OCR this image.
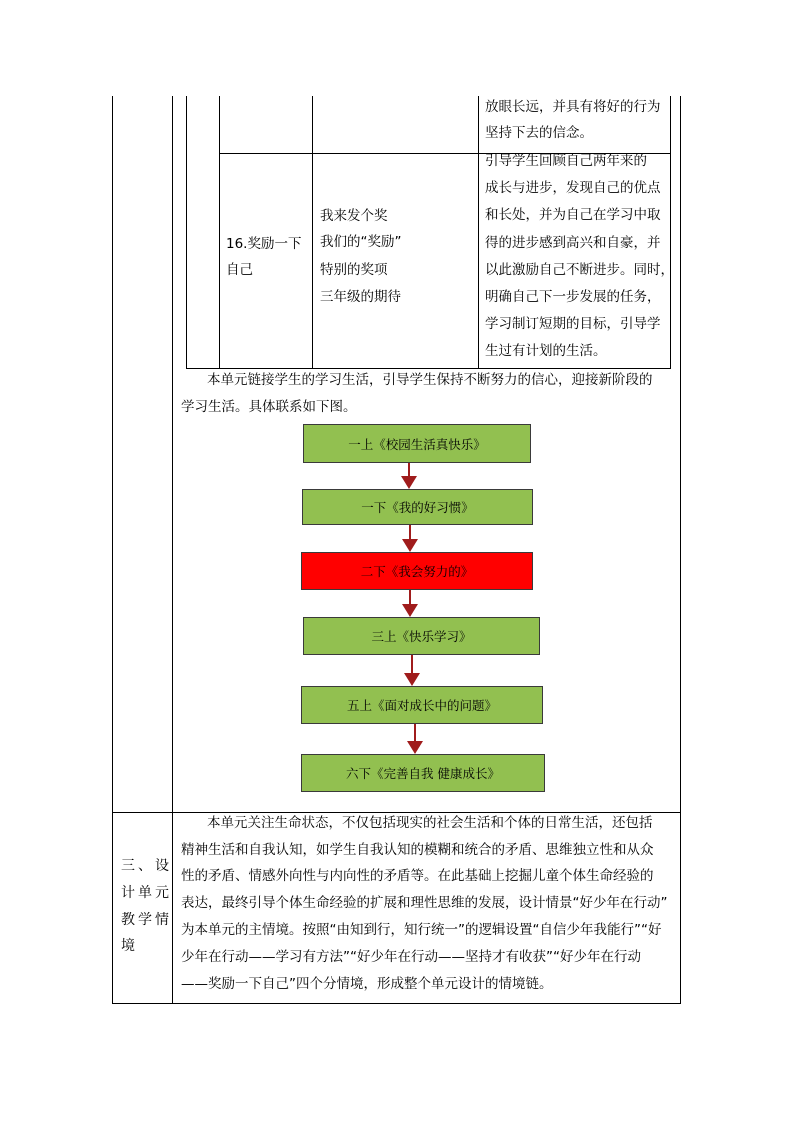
放眼长远，并具有将好的行为
坚持下去的信念。
16.奖励一下
自己
我来发个奖
我们的“奖励”
特别的奖项
三年级的期待
引导学生回顾自己两年来的
成长与进步，发现自己的优点
和长处，并为自己在学习中取
得的进步感到高兴和自豪，并
以此激励自己不断进步。同时，
明确自己下一步发展的任务，
学习制订短期的目标，引导学
生过有计划的生活。
本单元链接学生的学习生活，引导学生保持不断努力的信心，迎接新阶段的
学习生活。具体联系如下图。
一上《校园生活真快乐》
一下《我的好习惯》
二下《我会努力的》
三上《快乐学习》
五上《面对成长中的问题》
六下《完善自我 健康成长》
三、设
计单元
教学情
境
本单元关注生命状态，不仅包括现实的社会生活和个体的日常生活，还包括
精神生活和自我认知，如学生自我认知的模糊和统合的矛盾、思维独立性和从众
性的矛盾、情感外向性与内向性的矛盾等。在此基础上挖掘儿童个体生命经验的
表达，最终引导个体生命经验的扩展和理性思维的发展，设计情景“好少年在行动”
为本单元的主情境。按照“由知到行，知行统一”的逻辑设置“自信少年我能行”“好
少年在行动——学习有方法”“好少年在行动——坚持才有收获”“好少年在行动
——奖励一下自己”四个分情境，形成整个单元设计的情境链。
